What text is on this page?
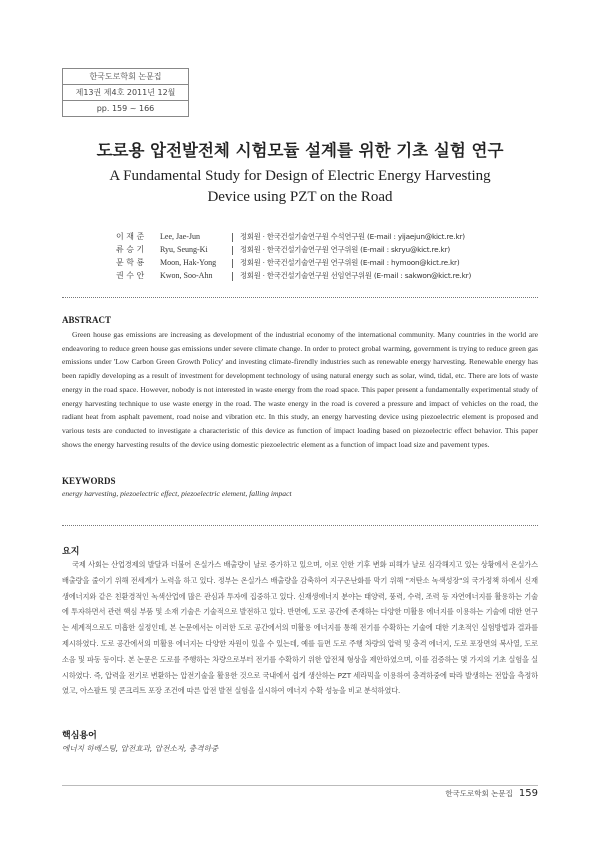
한국도로학회 논문집
제13권 제4호 2011년 12월
pp. 159 ~ 166
도로용 압전발전체 시험모듈 설계를 위한 기초 실험 연구
A Fundamental Study for Design of Electric Energy Harvesting
Device using PZT on the Road
이 재 준	Lee, Jae-Jun	정회원 · 한국건설기술연구원 수석연구원 (E-mail : yijaejun@kict.re.kr)
류 승 기	Ryu, Seung-Ki	정회원 · 한국건설기술연구원 연구위원 (E-mail : skryu@kict.re.kr)
문 학 룡	Moon, Hak-Yong	정회원 · 한국건설기술연구원 연구위원 (E-mail : hymoon@kict.re.kr)
권 수 안	Kwon, Soo-Ahn	정회원 · 한국건설기술연구원 선임연구위원 (E-mail : sakwon@kict.re.kr)
ABSTRACT
Green house gas emissions are increasing as development of the industrial economy of the international community. Many countries in the world are endeavoring to reduce green house gas emissions under severe climate change. In order to protect grobal warming, government is trying to reduce green gas emissions under 'Low Carbon Green Growth Policy' and investing climate-firendly industries such as renewable energy harvesting. Renewable energy has been rapidly developing as a result of investment for development technology of using natural energy such as solar, wind, tidal, etc. There are lots of waste energy in the road space. However, nobody is not interested in waste energy from the road space. This paper present a fundamentally experimental study of energy harvesting technique to use waste energy in the road. The waste energy in the road is covered a pressure and impact of vehicles on the road, the radiant heat from asphalt pavement, road noise and vibration etc. In this study, an energy harvesting device using piezoelectric element is proposed and various tests are conducted to investigate a characteristic of this device as function of impact loading based on piezoelectric effect behavior. This paper shows the energy harvesting results of the device using domestic piezoelectric element as a function of impact load size and pavement types.
KEYWORDS
energy harvesting, piezoelectric effect, piezoelectric element, falling impact
요지
국제 사회는 산업경제의 발달과 더불어 온실가스 배출량이 날로 증가하고 있으며, 이로 인한 기후 변화 피해가 날로 심각해지고 있는 상황에서 온실가스 배출량을 줄이기 위해 전세계가 노력을 하고 있다. 정부는 온실가스 배출량을 감축하여 지구온난화를 막기 위해 "저탄소 녹색성장"의 국가정책 하에서 신재생에너지와 같은 친환경적인 녹색산업에 많은 관심과 투자에 집중하고 있다. 신재생에너지 분야는 태양력, 풍력, 수력, 조력 등 자연에너지를 활용하는 기술에 투자하면서 관련 핵심 부품 및 소재 기술은 기술적으로 발전하고 있다. 반면에, 도로 공간에 존재하는 다양한 미활용 에너지를 이용하는 기술에 대한 연구는 세계적으로도 미흡한 실정인데, 본 논문에서는 이러한 도로 공간에서의 미활용 에너지를 통해 전기를 수확하는 기술에 대한 기초적인 실험방법과 결과를 제시하였다. 도로 공간에서의 미활용 에너지는 다양한 자원이 있을 수 있는데, 예를 들면 도로 주행 차량의 압력 및 충격 에너지, 도로 포장면의 복사열, 도로 소음 및 파동 등이다. 본 논문은 도로를 주행하는 차량으로부터 전기를 수확하기 위한 압전체 형상을 제안하였으며, 이를 검증하는 몇 가지의 기초 실험을 실시하였다. 즉, 압력을 전기로 변환하는 압전기술을 활용한 것으로 국내에서 쉽게 생산하는 PZT 세라믹을 이용하여 충격하중에 따라 발생하는 전압을 측정하였고, 아스팔트 및 콘크리트 포장 조건에 따른 압전 발전 실험을 실시하여 에너지 수확 성능을 비교 분석하였다.
핵심용어
에너지 하베스팅, 압전효과, 압전소자, 충격하중
한국도로학회 논문집 159
